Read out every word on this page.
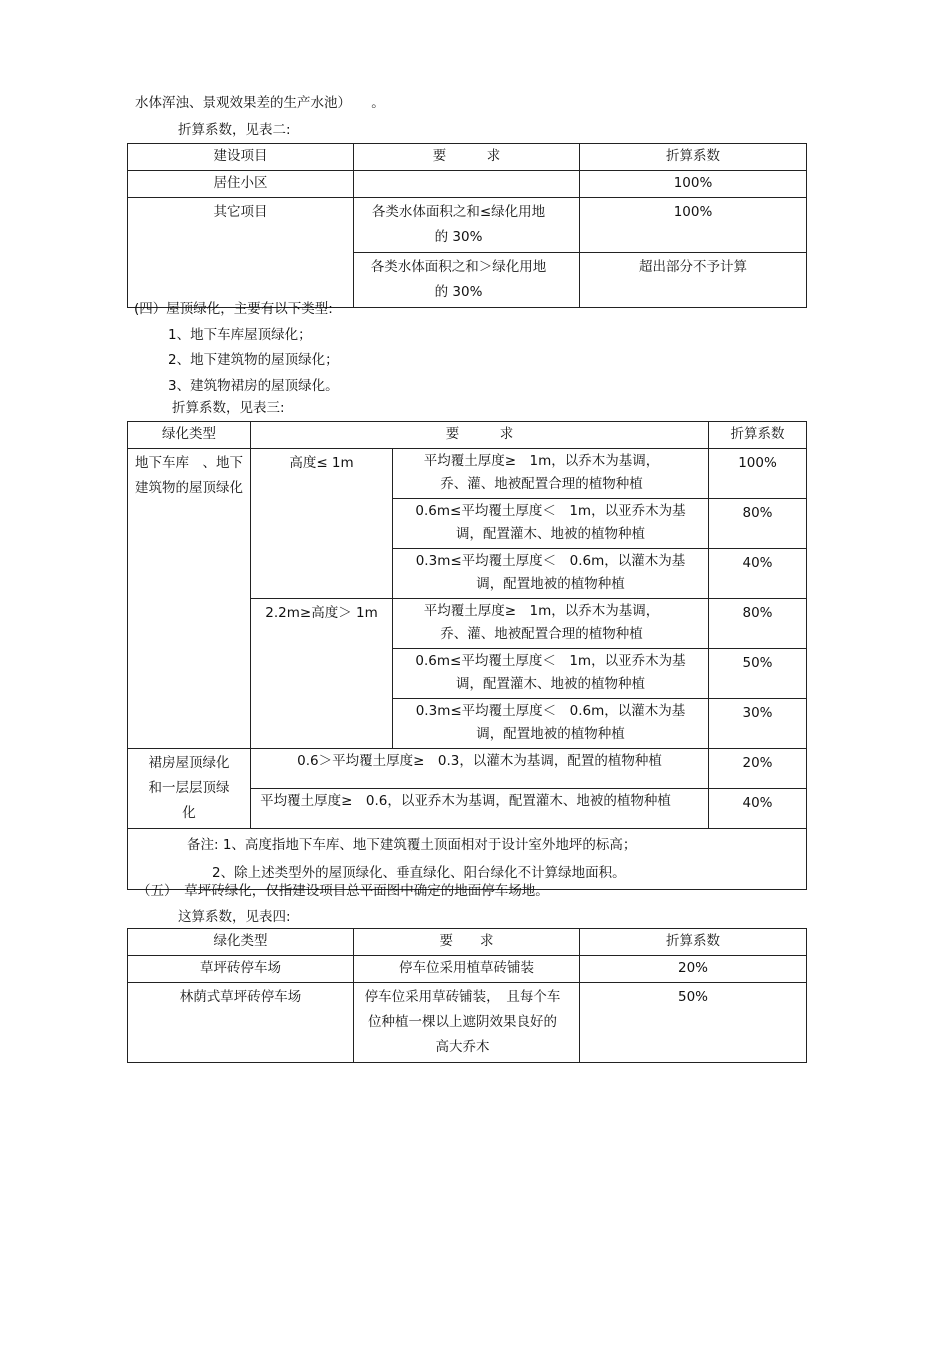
水体浑浊、景观效果差的生产水池）　　。
折算系数，见表二:
建设项目	要　　　求	折算系数
居住小区		100%
其它项目	各类水体面积之和≤绿化用地的 30%	100%
	各类水体面积之和＞绿化用地的 30%	超出部分不予计算
(四）屋顶绿化，主要有以下类型:
1、地下车库屋顶绿化；
2、地下建筑物的屋顶绿化；
3、建筑物裙房的屋顶绿化。
折算系数，见表三:
绿化类型	要　　　求		折算系数
地下车库　、地下建筑物的屋顶绿化	高度≤ 1m	平均覆土厚度≥　1m，以乔木为基调，乔、灌、地被配置合理的植物种植	100%
		0.6m≤平均覆土厚度＜　1m，以亚乔木为基调，配置灌木、地被的植物种植	80%
		0.3m≤平均覆土厚度＜　0.6m，以灌木为基调，配置地被的植物种植	40%
	2.2m≥高度＞ 1m	平均覆土厚度≥　1m，以乔木为基调，乔、灌、地被配置合理的植物种植	80%
		0.6m≤平均覆土厚度＜　1m，以亚乔木为基调，配置灌木、地被的植物种植	50%
		0.3m≤平均覆土厚度＜　0.6m，以灌木为基调，配置地被的植物种植	30%
裙房屋顶绿化和一层层顶绿化	0.6＞平均覆土厚度≥　0.3，以灌木为基调，配置的植物种植		20%
	平均覆土厚度≥　0.6，以亚乔木为基调，配置灌木、地被的植物种植		40%

备注: 1、高度指地下车库、地下建筑覆土顶面相对于设计室外地坪的标高；
2、除上述类型外的屋顶绿化、垂直绿化、阳台绿化不计算绿地面积。			
（五）　草坪砖绿化，仅指建设项目总平面图中确定的地面停车场地。
这算系数，见表四:
绿化类型	要　　求	折算系数
草坪砖停车场	停车位采用植草砖铺装	20%
林荫式草坪砖停车场	停车位采用草砖铺装，　且每个车位种植一棵以上遮阴效果良好的高大乔木	50%
